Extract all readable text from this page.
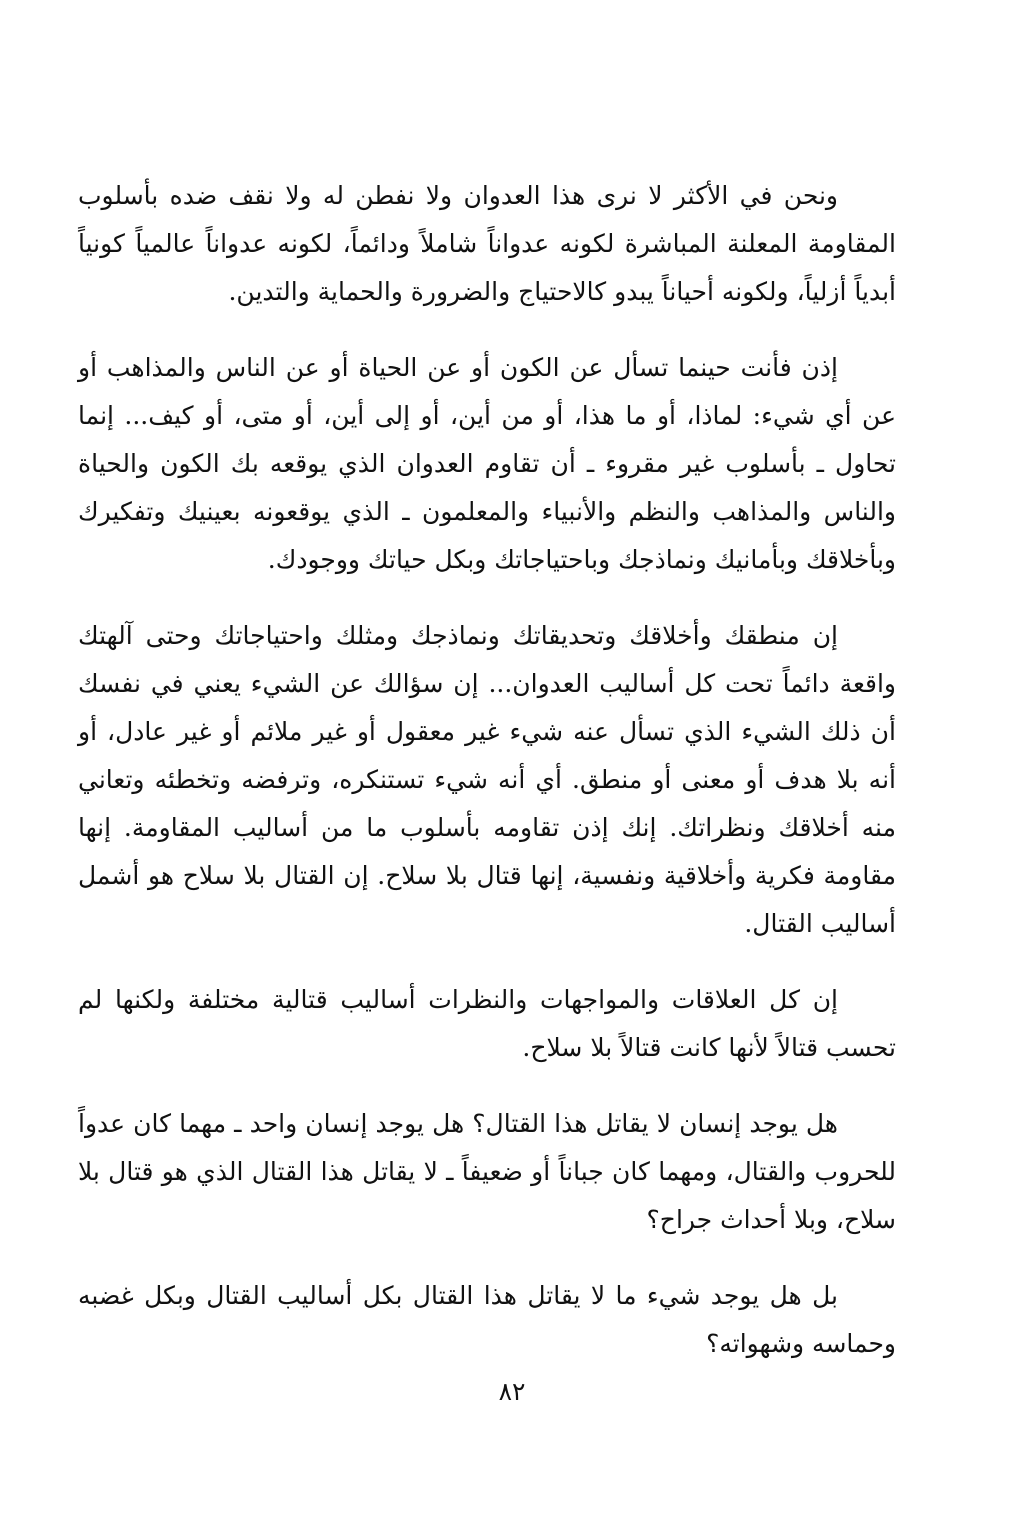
ونحن في الأكثر لا نرى هذا العدوان ولا نفطن له ولا نقف ضده بأسلوب المقاومة المعلنة المباشرة لكونه عدواناً شاملاً ودائماً، لكونه عدواناً عالمياً كونياً أبدياً أزلياً، ولكونه أحياناً يبدو كالاحتياج والضرورة والحماية والتدين.

إذن فأنت حينما تسأل عن الكون أو عن الحياة أو عن الناس والمذاهب أو عن أي شيء: لماذا، أو ما هذا، أو من أين، أو إلى أين، أو متى، أو كيف... إنما تحاول ـ بأسلوب غير مقروء ـ أن تقاوم العدوان الذي يوقعه بك الكون والحياة والناس والمذاهب والنظم والأنبياء والمعلمون ـ الذي يوقعونه بعينيك وتفكيرك وبأخلاقك وبأمانيك ونماذجك وباحتياجاتك وبكل حياتك ووجودك.

إن منطقك وأخلاقك وتحديقاتك ونماذجك ومثلك واحتياجاتك وحتى آلهتك واقعة دائماً تحت كل أساليب العدوان... إن سؤالك عن الشيء يعني في نفسك أن ذلك الشيء الذي تسأل عنه شيء غير معقول أو غير ملائم أو غير عادل، أو أنه بلا هدف أو معنى أو منطق. أي أنه شيء تستنكره، وترفضه وتخطئه وتعاني منه أخلاقك ونظراتك. إنك إذن تقاومه بأسلوب ما من أساليب المقاومة. إنها مقاومة فكرية وأخلاقية ونفسية، إنها قتال بلا سلاح. إن القتال بلا سلاح هو أشمل أساليب القتال.

إن كل العلاقات والمواجهات والنظرات أساليب قتالية مختلفة ولكنها لم تحسب قتالاً لأنها كانت قتالاً بلا سلاح.

هل يوجد إنسان لا يقاتل هذا القتال؟ هل يوجد إنسان واحد ـ مهما كان عدواً للحروب والقتال، ومهما كان جباناً أو ضعيفاً ـ لا يقاتل هذا القتال الذي هو قتال بلا سلاح، وبلا أحداث جراح؟

بل هل يوجد شيء ما لا يقاتل هذا القتال بكل أساليب القتال وبكل غضبه وحماسه وشهواته؟

٨٢
